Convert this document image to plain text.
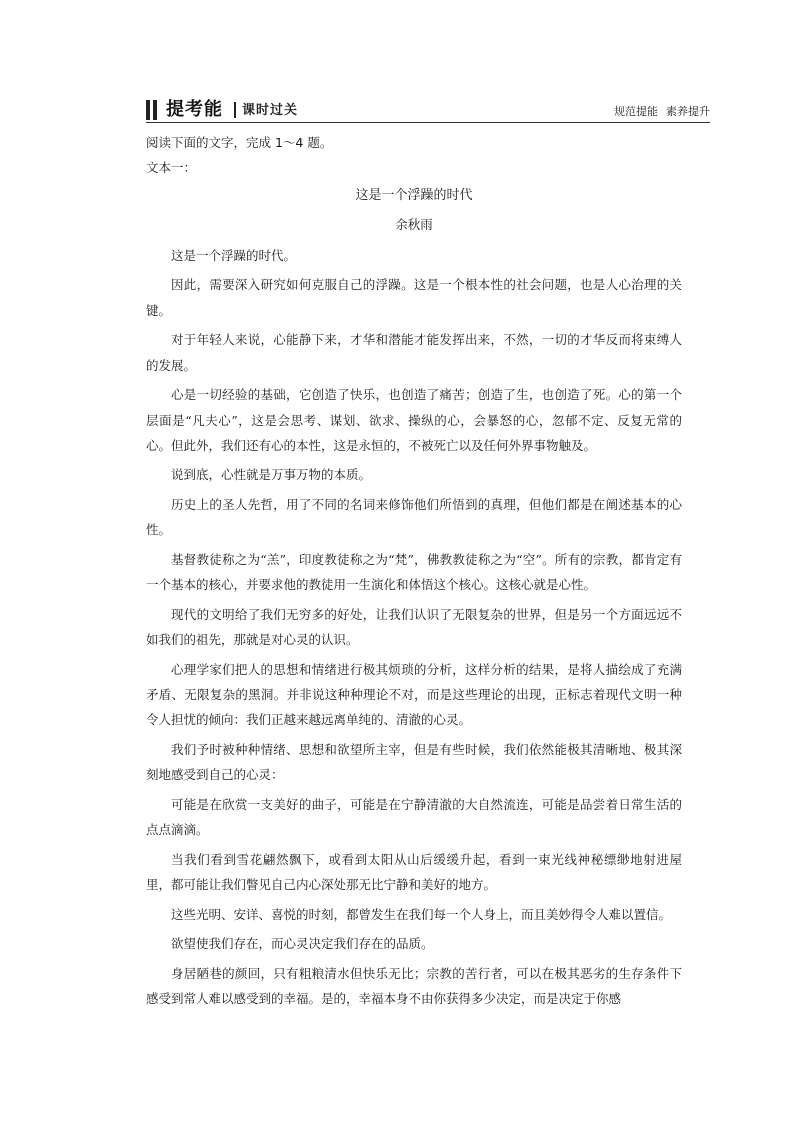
提考能 课时过关	规范提能 素养提升

阅读下面的文字，完成 1～4 题。

文本一：

这是一个浮躁的时代

余秋雨

这是一个浮躁的时代。

因此，需要深入研究如何克服自己的浮躁。这是一个根本性的社会问题，也是人心治理的关键。

对于年轻人来说，心能静下来，才华和潜能才能发挥出来，不然，一切的才华反而将束缚人的发展。

心是一切经验的基础，它创造了快乐，也创造了痛苦；创造了生，也创造了死。心的第一个层面是“凡夫心”，这是会思考、谋划、欲求、操纵的心，会暴怒的心，忽郁不定、反复无常的心。但此外，我们还有心的本性，这是永恒的，不被死亡以及任何外界事物触及。

说到底，心性就是万事万物的本质。

历史上的圣人先哲，用了不同的名词来修饰他们所悟到的真理，但他们都是在阐述基本的心性。

基督教徒称之为“羔”，印度教徒称之为“梵”，佛教教徒称之为“空”。所有的宗教，都肯定有一个基本的核心，并要求他的教徒用一生演化和体悟这个核心。这核心就是心性。

现代的文明给了我们无穷多的好处，让我们认识了无限复杂的世界，但是另一个方面远远不如我们的祖先，那就是对心灵的认识。

心理学家们把人的思想和情绪进行极其烦琐的分析，这样分析的结果，是将人描绘成了充满矛盾、无限复杂的黑洞。并非说这种种理论不对，而是这些理论的出现，正标志着现代文明一种令人担忧的倾向：我们正越来越远离单纯的、清澈的心灵。

我们予时被种种情绪、思想和欲望所主宰，但是有些时候，我们依然能极其清晰地、极其深刻地感受到自己的心灵：

可能是在欣赏一支美好的曲子，可能是在宁静清澈的大自然流连，可能是品尝着日常生活的点点滴滴。

当我们看到雪花翩然飘下，或看到太阳从山后缓缓升起，看到一束光线神秘缥缈地射进屋里，都可能让我们瞥见自己内心深处那无比宁静和美好的地方。

这些光明、安详、喜悦的时刻，都曾发生在我们每一个人身上，而且美妙得令人难以置信。

欲望使我们存在，而心灵决定我们存在的品质。

身居陋巷的颜回，只有粗粮清水但快乐无比；宗教的苦行者，可以在极其恶劣的生存条件下感受到常人难以感受到的幸福。是的，幸福本身不由你获得多少决定，而是决定于你感
